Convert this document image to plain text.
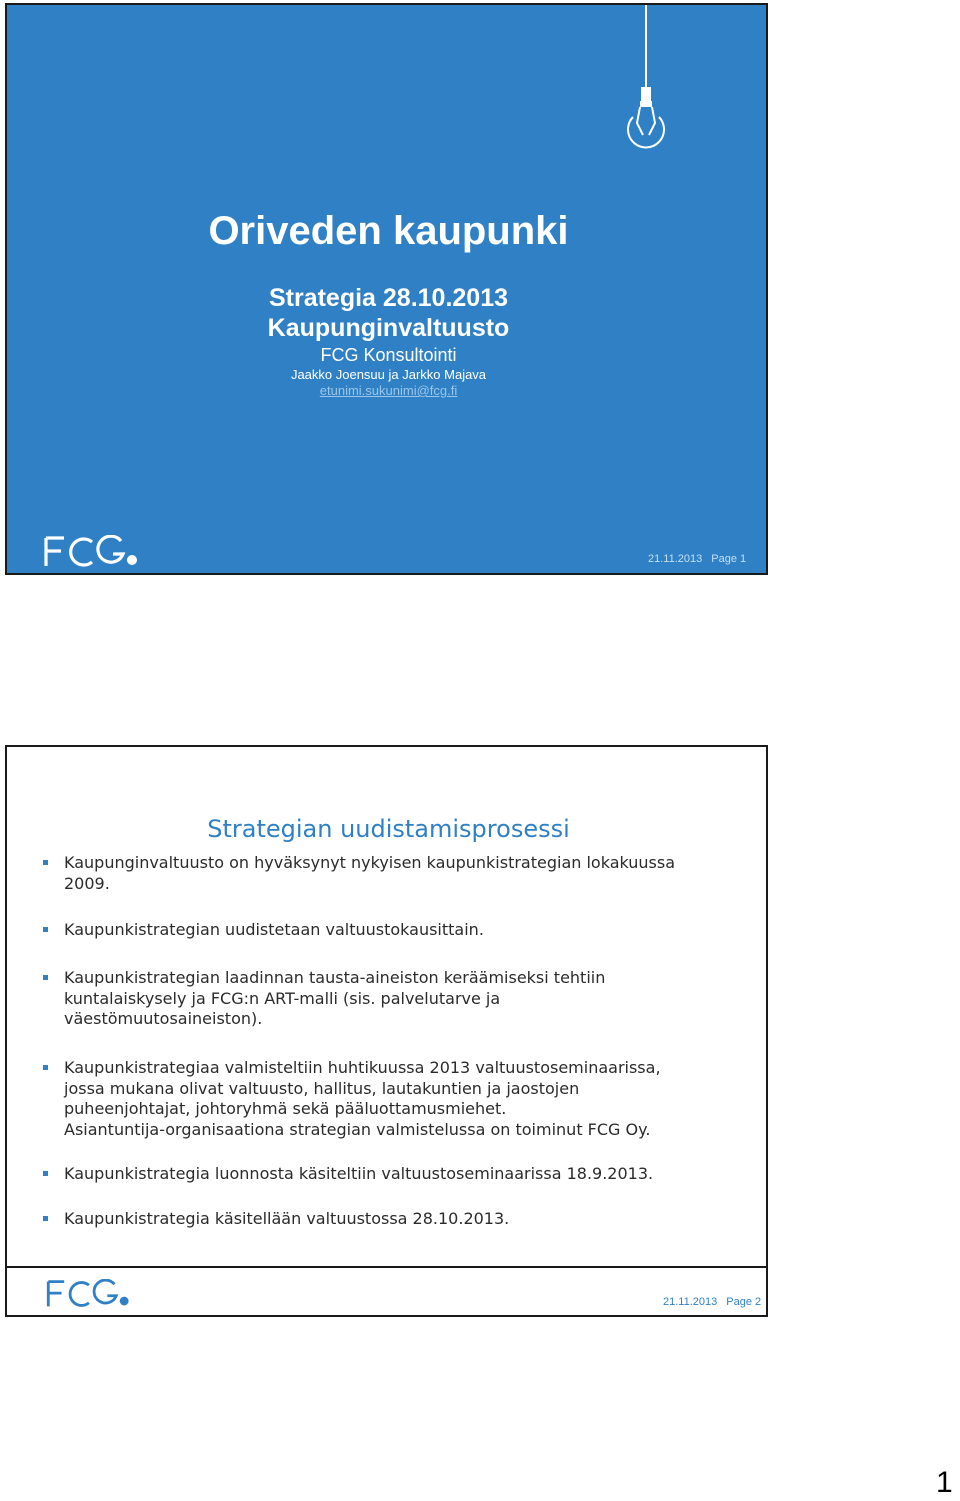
Oriveden kaupunki
Strategia 28.10.2013
Kaupunginvaltuusto
FCG Konsultointi
Jaakko Joensuu ja Jarkko Majava
etunimi.sukunimi@fcg.fi
21.11.2013 Page 1
Strategian uudistamisprosessi
Kaupunginvaltuusto on hyväksynyt nykyisen kaupunkistrategian lokakuussa
2009.
Kaupunkistrategian uudistetaan valtuustokausittain.
Kaupunkistrategian laadinnan tausta-aineiston keräämiseksi tehtiin
kuntalaiskysely ja FCG:n ART-malli (sis. palvelutarve ja
väestömuutosaineiston).
Kaupunkistrategiaa valmisteltiin huhtikuussa 2013 valtuustoseminaarissa,
jossa mukana olivat valtuusto, hallitus, lautakuntien ja jaostojen
puheenjohtajat, johtoryhmä sekä pääluottamusmiehet.
Asiantuntija-organisaationa strategian valmistelussa on toiminut FCG Oy.
Kaupunkistrategia luonnosta käsiteltiin valtuustoseminaarissa 18.9.2013.
Kaupunkistrategia käsitellään valtuustossa 28.10.2013.
21.11.2013 Page 2
1
